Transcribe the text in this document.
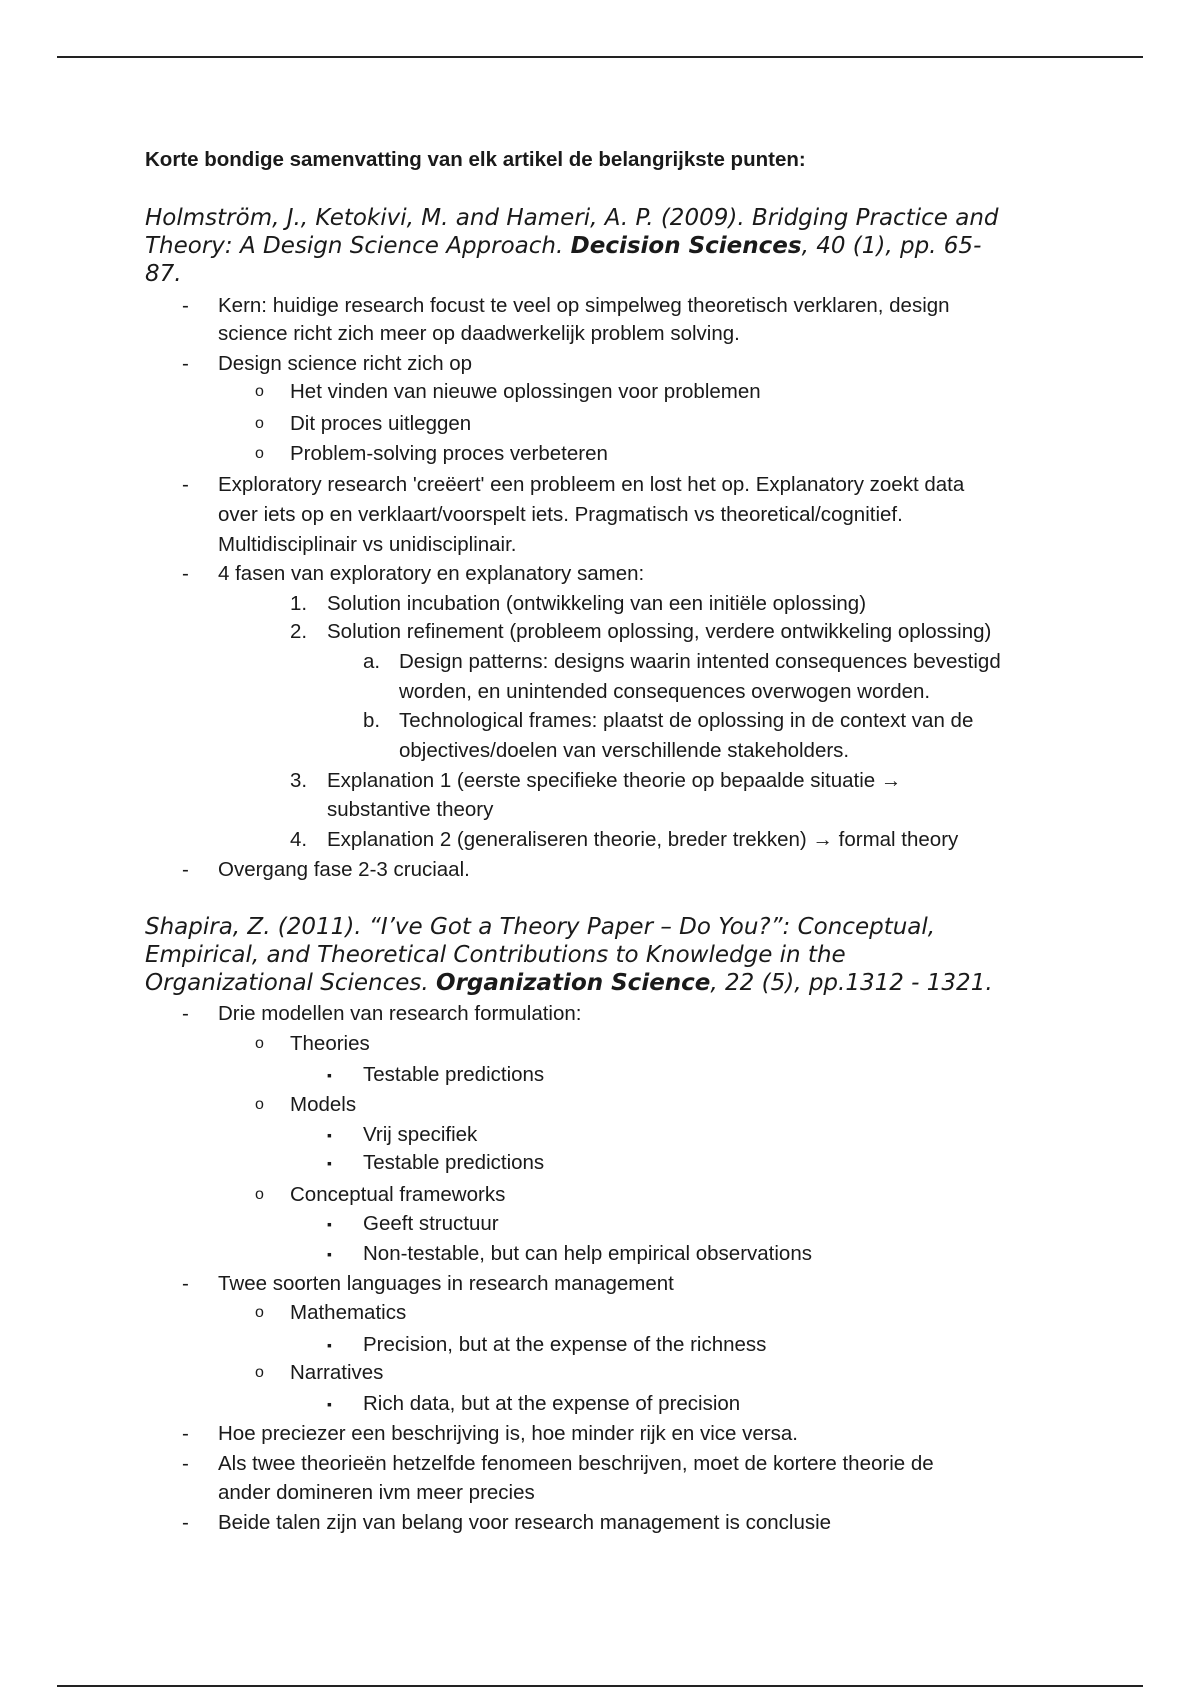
Korte bondige samenvatting van elk artikel de belangrijkste punten:
Holmström, J., Ketokivi, M. and Hameri, A. P. (2009). Bridging Practice and
Theory: A Design Science Approach. Decision Sciences, 40 (1), pp. 65-
87.
- Kern: huidige research focust te veel op simpelweg theoretisch verklaren, design
science richt zich meer op daadwerkelijk problem solving.
- Design science richt zich op
o Het vinden van nieuwe oplossingen voor problemen
o Dit proces uitleggen
o Problem-solving proces verbeteren
- Exploratory research 'creëert' een probleem en lost het op. Explanatory zoekt data
over iets op en verklaart/voorspelt iets. Pragmatisch vs theoretical/cognitief.
Multidisciplinair vs unidisciplinair.
- 4 fasen van exploratory en explanatory samen:
1. Solution incubation (ontwikkeling van een initiële oplossing)
2. Solution refinement (probleem oplossing, verdere ontwikkeling oplossing)
a. Design patterns: designs waarin intented consequences bevestigd
worden, en unintended consequences overwogen worden.
b. Technological frames: plaatst de oplossing in de context van de
objectives/doelen van verschillende stakeholders.
3. Explanation 1 (eerste specifieke theorie op bepaalde situatie →
substantive theory
4. Explanation 2 (generaliseren theorie, breder trekken) → formal theory
- Overgang fase 2-3 cruciaal.
Shapira, Z. (2011). “I’ve Got a Theory Paper – Do You?”: Conceptual,
Empirical, and Theoretical Contributions to Knowledge in the
Organizational Sciences. Organization Science, 22 (5), pp.1312 - 1321.
- Drie modellen van research formulation:
o Theories
▪ Testable predictions
o Models
▪ Vrij specifiek
▪ Testable predictions
o Conceptual frameworks
▪ Geeft structuur
▪ Non-testable, but can help empirical observations
- Twee soorten languages in research management
o Mathematics
▪ Precision, but at the expense of the richness
o Narratives
▪ Rich data, but at the expense of precision
- Hoe preciezer een beschrijving is, hoe minder rijk en vice versa.
- Als twee theorieën hetzelfde fenomeen beschrijven, moet de kortere theorie de
ander domineren ivm meer precies
- Beide talen zijn van belang voor research management is conclusie
